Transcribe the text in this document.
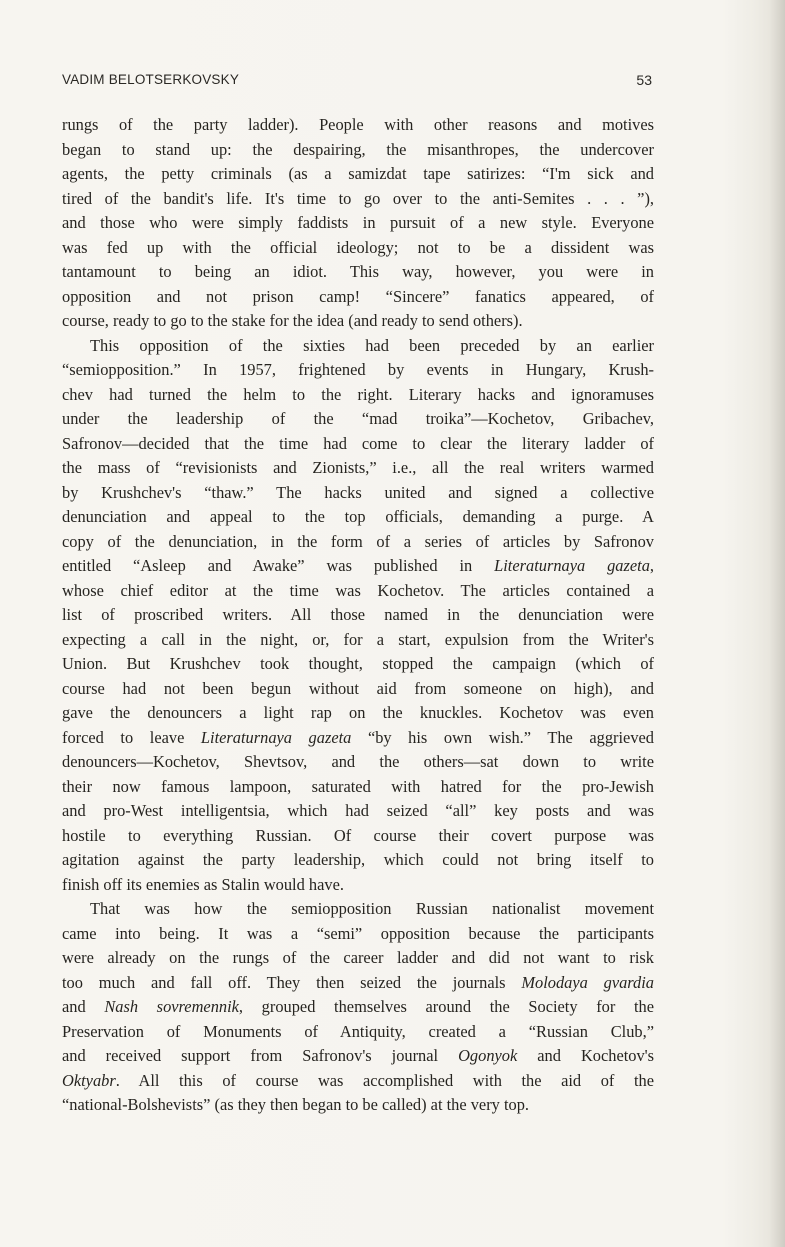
VADIM BELOTSERKOVSKY	53
rungs of the party ladder). People with other reasons and motives
began to stand up: the despairing, the misanthropes, the undercover
agents, the petty criminals (as a samizdat tape satirizes: “I'm sick and
tired of the bandit's life. It's time to go over to the anti-Semites . . . ”),
and those who were simply faddists in pursuit of a new style. Everyone
was fed up with the official ideology; not to be a dissident was
tantamount to being an idiot. This way, however, you were in
opposition and not prison camp! “Sincere” fanatics appeared, of
course, ready to go to the stake for the idea (and ready to send others).
This opposition of the sixties had been preceded by an earlier
“semiopposition.” In 1957, frightened by events in Hungary, Krush-
chev had turned the helm to the right. Literary hacks and ignoramuses
under the leadership of the “mad troika”—Kochetov, Gribachev,
Safronov—decided that the time had come to clear the literary ladder of
the mass of “revisionists and Zionists,” i.e., all the real writers warmed
by Krushchev's “thaw.” The hacks united and signed a collective
denunciation and appeal to the top officials, demanding a purge. A
copy of the denunciation, in the form of a series of articles by Safronov
entitled “Asleep and Awake” was published in Literaturnaya gazeta,
whose chief editor at the time was Kochetov. The articles contained a
list of proscribed writers. All those named in the denunciation were
expecting a call in the night, or, for a start, expulsion from the Writer's
Union. But Krushchev took thought, stopped the campaign (which of
course had not been begun without aid from someone on high), and
gave the denouncers a light rap on the knuckles. Kochetov was even
forced to leave Literaturnaya gazeta “by his own wish.” The aggrieved
denouncers—Kochetov, Shevtsov, and the others—sat down to write
their now famous lampoon, saturated with hatred for the pro-Jewish
and pro-West intelligentsia, which had seized “all” key posts and was
hostile to everything Russian. Of course their covert purpose was
agitation against the party leadership, which could not bring itself to
finish off its enemies as Stalin would have.
That was how the semiopposition Russian nationalist movement
came into being. It was a “semi” opposition because the participants
were already on the rungs of the career ladder and did not want to risk
too much and fall off. They then seized the journals Molodaya gvardia
and Nash sovremennik, grouped themselves around the Society for the
Preservation of Monuments of Antiquity, created a “Russian Club,”
and received support from Safronov's journal Ogonyok and Kochetov's
Oktyabr. All this of course was accomplished with the aid of the
“national-Bolshevists” (as they then began to be called) at the very top.
